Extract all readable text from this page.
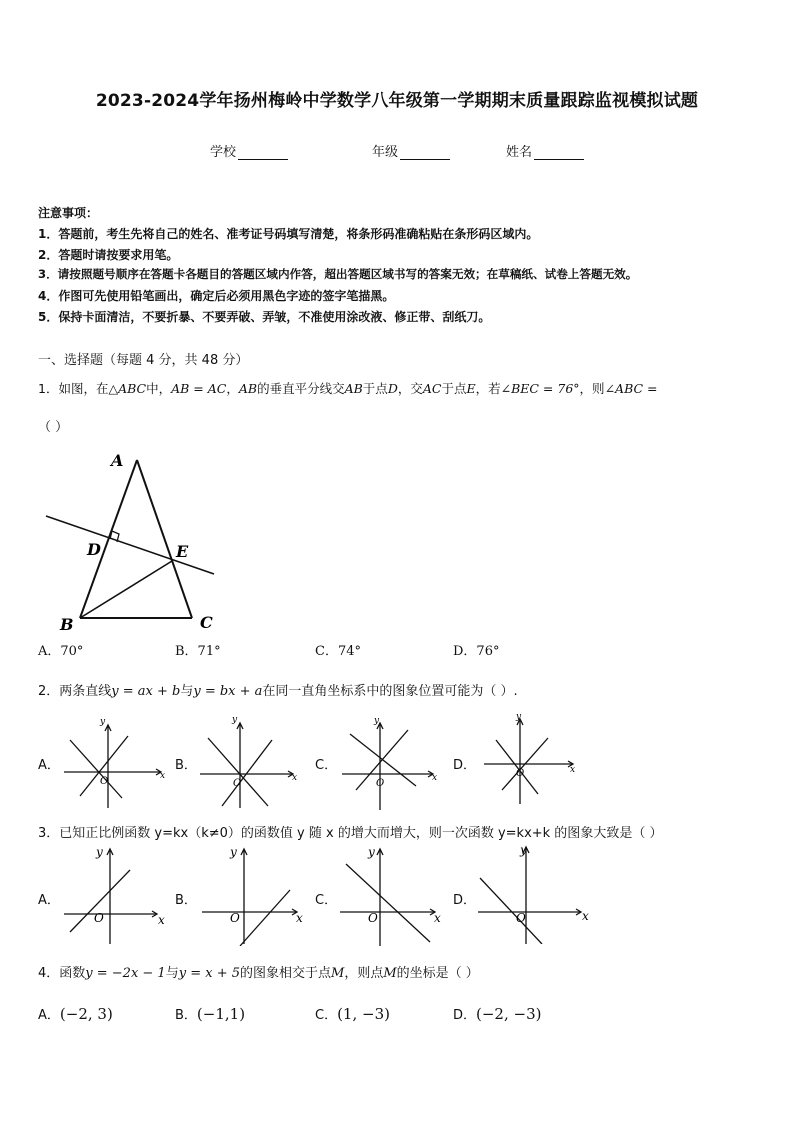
2023-2024学年扬州梅岭中学数学八年级第一学期期末质量跟踪监视模拟试题
学校	年级	姓名
注意事项：
1．答题前，考生先将自己的姓名、准考证号码填写清楚，将条形码准确粘贴在条形码区域内。
2．答题时请按要求用笔。
3．请按照题号顺序在答题卡各题目的答题区域内作答，超出答题区域书写的答案无效；在草稿纸、试卷上答题无效。
4．作图可先使用铅笔画出，确定后必须用黑色字迹的签字笔描黑。
5．保持卡面清洁，不要折暴、不要弄破、弄皱，不准使用涂改液、修正带、刮纸刀。
一、选择题（每题 4 分，共 48 分）
1．如图，在△ABC中，AB = AC，AB的垂直平分线交AB于点D，交AC于点E，若∠BEC = 76°，则∠ABC =
（ ）
A
B	C
D	E
A．70°	B．71°	C．74°	D．76°
2．两条直线y = ax + b与y = bx + a在同一直角坐标系中的图象位置可能为（ ）.
A．	B．	C．	D．
y
x
O
y
x
O
y
x
O
y
x
O
3．已知正比例函数 y=kx（k≠0）的函数值 y 随 x 的增大而增大，则一次函数 y=kx+k 的图象大致是（ ）
A．	B．	C．	D．
y
x
O
y
x
O
y
x
O
y
x
O
4．函数y = −2x − 1与y = x + 5的图象相交于点M，则点M的坐标是（ ）
A．(−2, 3)	B．(−1,1)	C．(1, −3)	D．(−2, −3)
